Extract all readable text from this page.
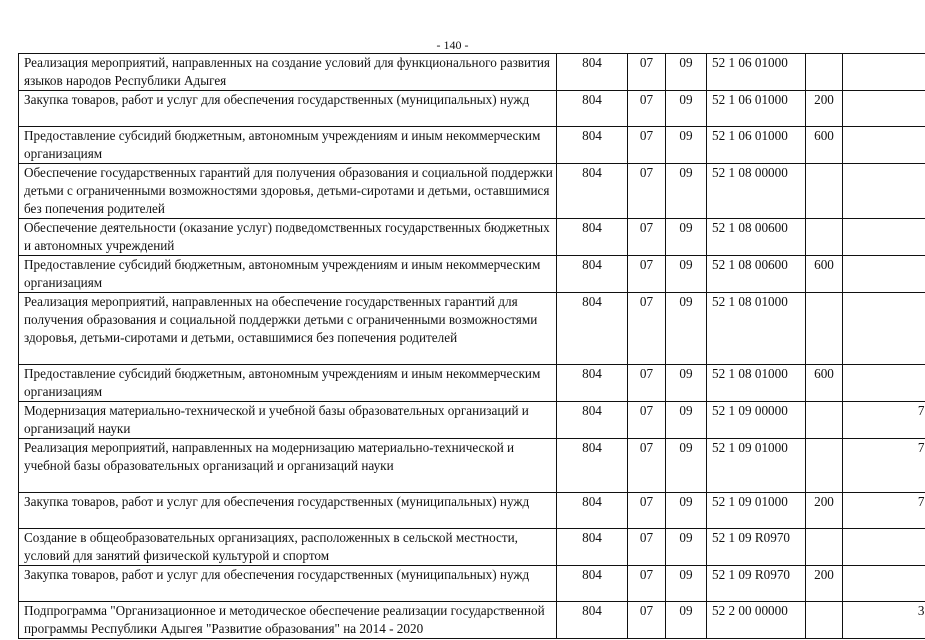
- 140 -
Реализация мероприятий, направленных на создание условий для функционального развития языков народов Республики Адыгея	804	07	09	52 1 06 01000		
Закупка товаров, работ и услуг для обеспечения государственных (муниципальных) нужд	804	07	09	52 1 06 01000	200	
Предоставление субсидий бюджетным, автономным учреждениям и иным некоммерческим организациям	804	07	09	52 1 06 01000	600	
Обеспечение государственных гарантий для получения образования и социальной поддержки детьми с ограниченными возможностями здоровья, детьми-сиротами и детьми, оставшимися без попечения родителей	804	07	09	52 1 08 00000		
Обеспечение деятельности (оказание услуг) подведомственных государственных бюджетных и автономных учреждений	804	07	09	52 1 08 00600		
Предоставление субсидий бюджетным, автономным учреждениям и иным некоммерческим организациям	804	07	09	52 1 08 00600	600	
Реализация мероприятий, направленных на обеспечение государственных гарантий для получения образования и социальной поддержки детьми с ограниченными возможностями здоровья, детьми-сиротами и детьми, оставшимися без попечения родителей	804	07	09	52 1 08 01000		
Предоставление субсидий бюджетным, автономным учреждениям и иным некоммерческим организациям	804	07	09	52 1 08 01000	600	
Модернизация материально-технической и учебной базы образовательных организаций и организаций науки	804	07	09	52 1 09 00000		7
Реализация мероприятий, направленных на модернизацию материально-технической и учебной базы образовательных организаций и организаций науки	804	07	09	52 1 09 01000		7
Закупка товаров, работ и услуг для обеспечения государственных (муниципальных) нужд	804	07	09	52 1 09 01000	200	7
Создание в общеобразовательных организациях, расположенных в сельской местности, условий для занятий физической культурой и спортом	804	07	09	52 1 09 R0970		
Закупка товаров, работ и услуг для обеспечения государственных (муниципальных) нужд	804	07	09	52 1 09 R0970	200	
Подпрограмма "Организационное и методическое обеспечение реализации государственной программы Республики Адыгея "Развитие образования" на 2014 - 2020	804	07	09	52 2 00 00000		3
